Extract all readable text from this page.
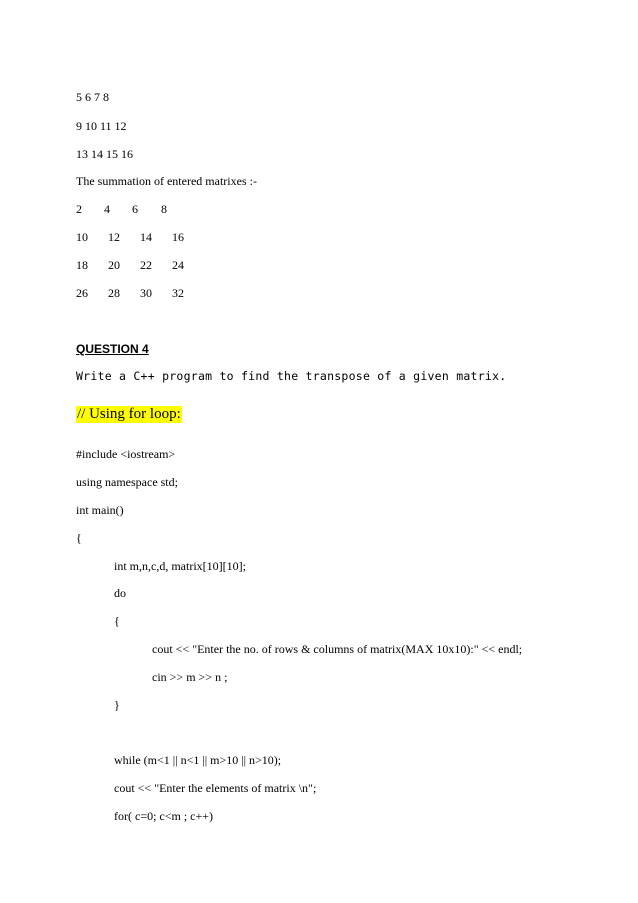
5 6 7 8
9 10 11 12
13 14 15 16
The summation of entered matrixes :-
2 4 6 8
10 12 14 16
18 20 22 24
26 28 30 32
QUESTION 4
Write a C++ program to find the transpose of a given matrix.
// Using for loop:
#include <iostream>
using namespace std;
int main()
{
int m,n,c,d, matrix[10][10];
do
{
cout << "Enter the no. of rows & columns of matrix(MAX 10x10):" << endl;
cin >> m >> n ;
}
while (m<1 || n<1 || m>10 || n>10);
cout << "Enter the elements of matrix \n";
for( c=0; c<m ; c++)
